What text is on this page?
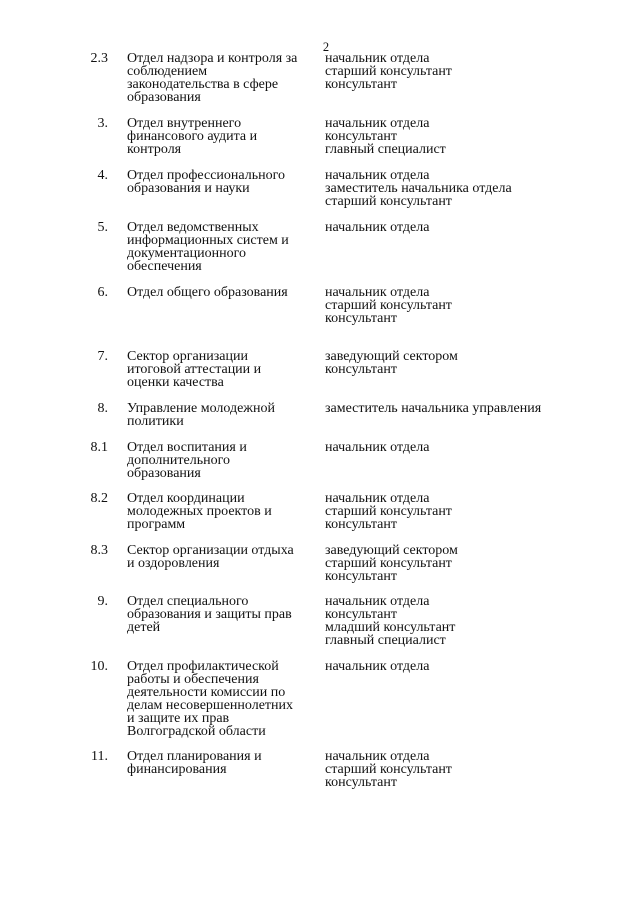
2
2.3 Отдел надзора и контроля за
соблюдением
законодательства в сфере
образования
начальник отдела
старший консультант
консультант
3. Отдел внутреннего
финансового аудита и
контроля
начальник отдела
консультант
главный специалист
4. Отдел профессионального
образования и науки
начальник отдела
заместитель начальника отдела
старший консультант
5. Отдел ведомственных
информационных систем и
документационного
обеспечения
начальник отдела
6. Отдел общего образования	начальник отдела
старший консультант
консультант
7. Сектор организации
итоговой аттестации и
оценки качества
заведующий сектором
консультант
8. Управление молодежной
политики
заместитель начальника управления
8.1 Отдел воспитания и
дополнительного
образования
начальник отдела
8.2 Отдел координации
молодежных проектов и
программ
начальник отдела
старший консультант
консультант
8.3 Сектор организации отдыха
и оздоровления
заведующий сектором
старший консультант
консультант
9. Отдел специального
образования и защиты прав
детей
начальник отдела
консультант
младший консультант
главный специалист
10. Отдел профилактической
работы и обеспечения
деятельности комиссии по
делам несовершеннолетних
и защите их прав
Волгоградской области
начальник отдела
11. Отдел планирования и
финансирования
начальник отдела
старший консультант
консультант
